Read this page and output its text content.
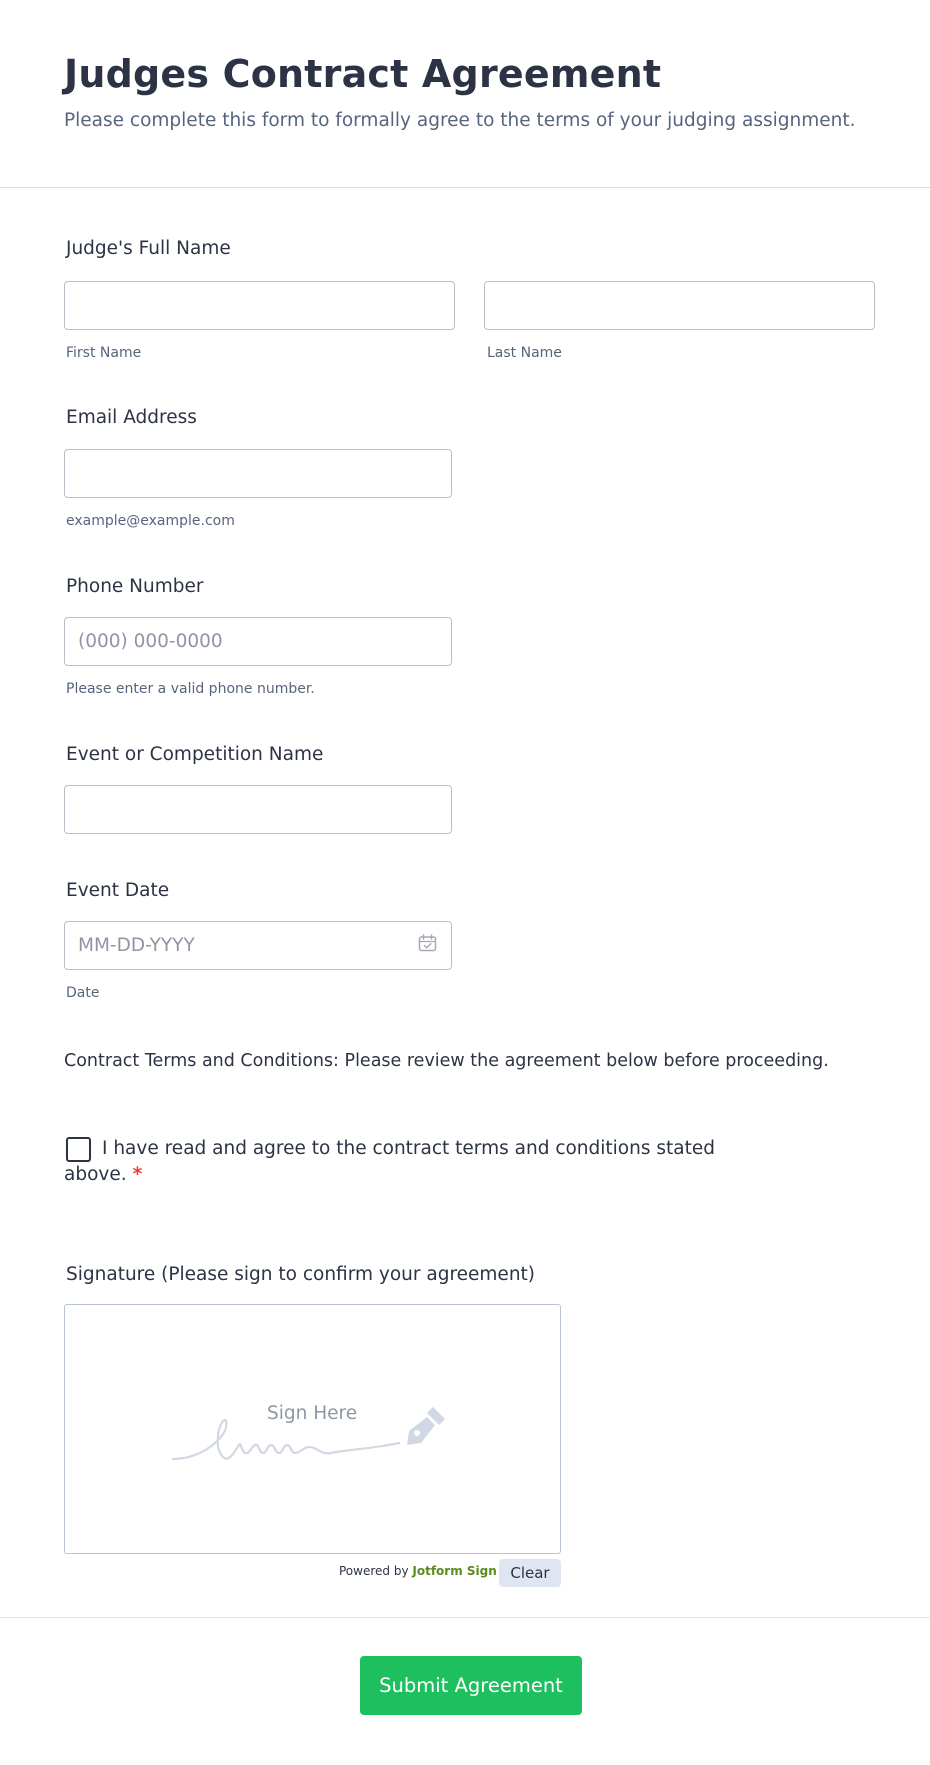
Judges Contract Agreement
Please complete this form to formally agree to the terms of your judging assignment.
Judge's Full Name
First Name	Last Name
Email Address
example@example.com
Phone Number
(000) 000-0000
Please enter a valid phone number.
Event or Competition Name
Event Date
MM-DD-YYYY
Date
Contract Terms and Conditions: Please review the agreement below before proceeding.
I have read and agree to the contract terms and conditions stated
above. *
Signature (Please sign to confirm your agreement)
Sign Here
Powered by Jotform Sign Clear
Submit Agreement
